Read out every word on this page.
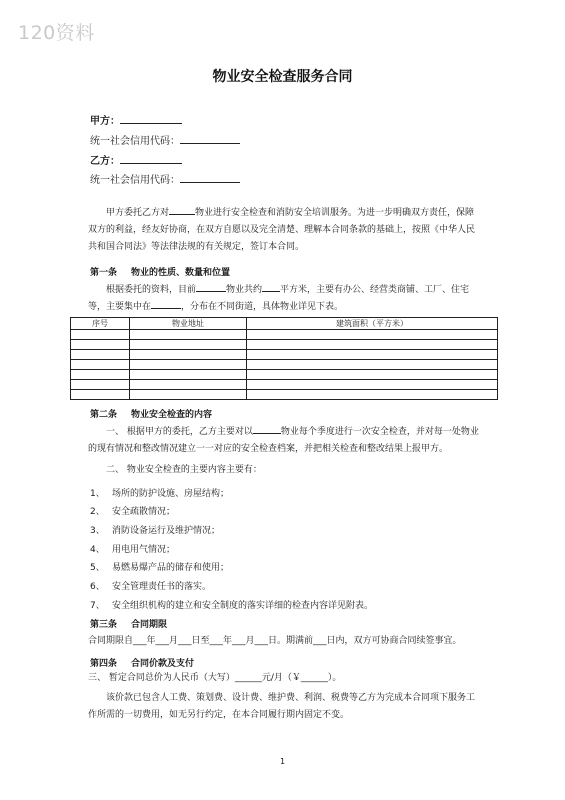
120资料
物业安全检查服务合同
甲方：
统一社会信用代码：
乙方：
统一社会信用代码：
甲方委托乙方对	物业进行安全检查和消防安全培训服务。为进一步明确双方责任，保障双方的利益，经友好协商，在双方自愿以及完全清楚、理解本合同条款的基础上，按照《中华人民共和国合同法》等法律法规的有关规定，签订本合同。
第一条 物业的性质、数量和位置
根据委托的资料，目前	物业共约 平方米，主要有办公、经营类商铺、工厂、住宅等，主要集中在	，分布在不同街道，具体物业详见下表。
序号	物业地址	建筑面积（平方米）

第二条 物业安全检查的内容
一、 根据甲方的委托，乙方主要对以	物业每个季度进行一次安全检查，并对每一处物业的现有情况和整改情况建立一一对应的安全检查档案，并把相关检查和整改结果上报甲方。
二、 物业安全检查的主要内容主要有：
1、 场所的防护设施、房屋结构；
2、 安全疏散情况；
3、 消防设备运行及维护情况；
4、 用电用气情况；
5、 易燃易爆产品的储存和使用；
6、 安全管理责任书的落实。
7、 安全组织机构的建立和安全制度的落实详细的检查内容详见附表。
第三条 合同期限
合同期限自___年___月___日至___年___月___日。期满前___日内，双方可协商合同续签事宜。
第四条 合同价款及支付
三、 暂定合同总价为人民币（大写）______元/月（￥______）。
该价款已包含人工费、策划费、设计费、维护费、利润、税费等乙方为完成本合同项下服务工作所需的一切费用，如无另行约定，在本合同履行期内固定不变。
1
